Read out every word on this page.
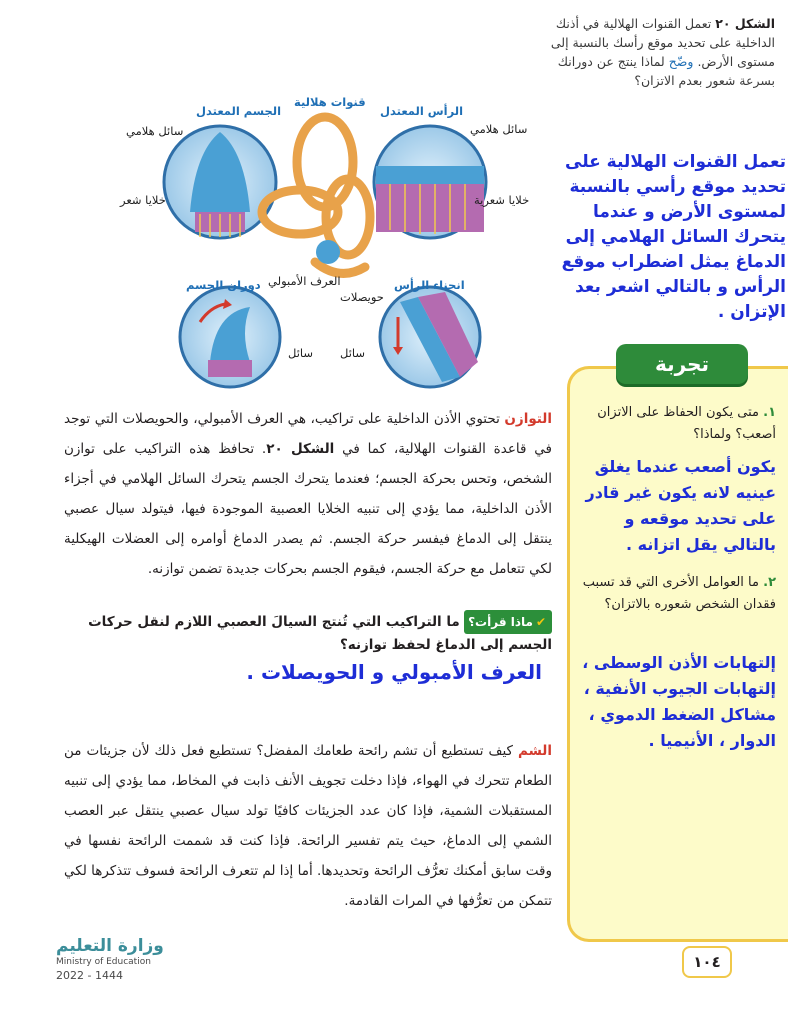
الشكل ٢٠ تعمل القنوات الهلالية في أذنك الداخلية على تحديد موقع رأسك بالنسبة إلى مستوى الأرض. وضّح لماذا ينتج عن دورانك بسرعة شعور بعدم الاتزان؟
تعمل القنوات الهلالية على تحديد موقع رأسي بالنسبة لمستوى الأرض و عندما يتحرك السائل الهلامي إلى الدماغ يمثل اضطراب موقع الرأس و بالتالي اشعر بعد الإتزان .
قنوات هلالية
الرأس المعتدل
الجسم المعتدل
سائل هلامي	سائل هلامي
خلايا شعر	خلايا شعرية
العرف الأمبولي
حويصلات
دوران الجسم	انحناء الرأس
سائل سائل
التوازن تحتوي الأذن الداخلية على تراكيب، هي العرف الأمبولي، والحويصلات التي توجد في قاعدة القنوات الهلالية، كما في الشكل ٢٠. تحافظ هذه التراكيب على توازن الشخص، وتحس بحركة الجسم؛ فعندما يتحرك الجسم يتحرك السائل الهلامي في أجزاء الأذن الداخلية، مما يؤدي إلى تنبيه الخلايا العصبية الموجودة فيها، فيتولد سيال عصبي ينتقل إلى الدماغ فيفسر حركة الجسم. ثم يصدر الدماغ أوامره إلى العضلات الهيكلية لكي تتعامل مع حركة الجسم، فيقوم الجسم بحركات جديدة تضمن توازنه.
✔ماذا قرأت؟ ما التراكيب التي تُنتج السيالَ العصبي اللازم لنقل حركات الجسم إلى الدماغ لحفظ توازنه؟
العرف الأمبولي و الحويصلات .
الشم كيف تستطيع أن تشم رائحة طعامك المفضل؟ تستطيع فعل ذلك لأن جزيئات من الطعام تتحرك في الهواء، فإذا دخلت تجويف الأنف ذابت في المخاط، مما يؤدي إلى تنبيه المستقبلات الشمية، فإذا كان عدد الجزيئات كافيًا تولد سيال عصبي ينتقل عبر العصب الشمي إلى الدماغ، حيث يتم تفسير الرائحة. فإذا كنت قد شممت الرائحة نفسها في وقت سابق أمكنك تعرُّف الرائحة وتحديدها. أما إذا لم تتعرف الرائحة فسوف تتذكرها لكي تتمكن من تعرُّفها في المرات القادمة.
تجربة
١. متى يكون الحفاظ على الاتزان أصعب؟ ولماذا؟
يكون أصعب عندما يغلق عينيه لانه يكون غير قادر على تحديد موقعه و بالتالي يقل اتزانه .
٢. ما العوامل الأخرى التي قد تسبب فقدان الشخص شعوره بالاتزان؟
إلتهابات الأذن الوسطى ، إلتهابات الجيوب الأنفية ، مشاكل الضغط الدموي ، الدوار ، الأنيميا .
١٠٤
وزارة التعليم
Ministry of Education
2022 - 1444
